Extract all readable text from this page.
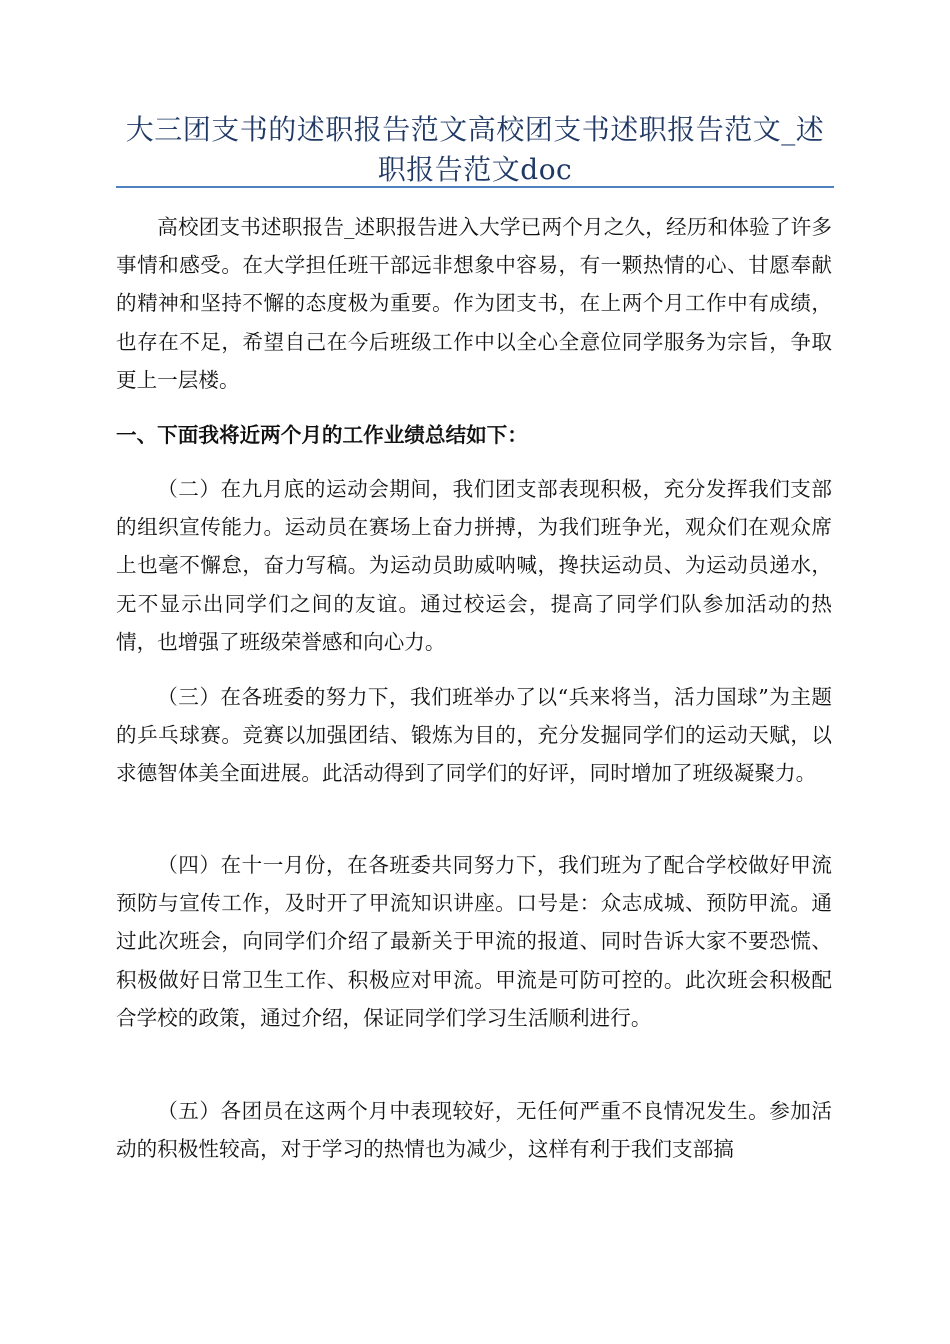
大三团支书的述职报告范文高校团支书述职报告范文_述职报告范文doc

高校团支书述职报告_述职报告进入大学已两个月之久，经历和体验了许多事情和感受。在大学担任班干部远非想象中容易，有一颗热情的心、甘愿奉献的精神和坚持不懈的态度极为重要。作为团支书，在上两个月工作中有成绩，也存在不足，希望自己在今后班级工作中以全心全意位同学服务为宗旨，争取更上一层楼。

一、下面我将近两个月的工作业绩总结如下：

（二）在九月底的运动会期间，我们团支部表现积极，充分发挥我们支部的组织宣传能力。运动员在赛场上奋力拼搏，为我们班争光，观众们在观众席上也毫不懈怠，奋力写稿。为运动员助威呐喊，搀扶运动员、为运动员递水，无不显示出同学们之间的友谊。通过校运会，提高了同学们队参加活动的热情，也增强了班级荣誉感和向心力。

（三）在各班委的努力下，我们班举办了以“兵来将当，活力国球”为主题的乒乓球赛。竞赛以加强团结、锻炼为目的，充分发掘同学们的运动天赋，以求德智体美全面进展。此活动得到了同学们的好评，同时增加了班级凝聚力。

（四）在十一月份，在各班委共同努力下，我们班为了配合学校做好甲流预防与宣传工作，及时开了甲流知识讲座。口号是：众志成城、预防甲流。通过此次班会，向同学们介绍了最新关于甲流的报道、同时告诉大家不要恐慌、积极做好日常卫生工作、积极应对甲流。甲流是可防可控的。此次班会积极配合学校的政策，通过介绍，保证同学们学习生活顺利进行。

（五）各团员在这两个月中表现较好，无任何严重不良情况发生。参加活动的积极性较高，对于学习的热情也为减少，这样有利于我们支部搞
